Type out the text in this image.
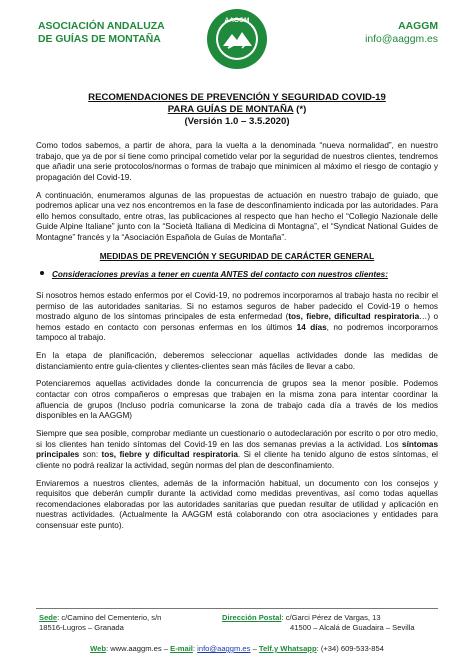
ASOCIACIÓN ANDALUZA
DE GUÍAS DE MONTAÑA
AAGGM
AAGGM
info@aaggm.es
RECOMENDACIONES DE PREVENCIÓN Y SEGURIDAD COVID-19
PARA GUÍAS DE MONTAÑA (*)
(Versión 1.0 – 3.5.2020)

Como todos sabemos, a partir de ahora, para la vuelta a la denominada “nueva normalidad”, en nuestro trabajo, que ya de por sí tiene como principal cometido velar por la seguridad de nuestros clientes, tendremos que añadir una serie protocolos/normas o formas de trabajo que minimicen al máximo el riesgo de contagio y propagación del Covid-19.

A continuación, enumeramos algunas de las propuestas de actuación en nuestro trabajo de guiado, que podremos aplicar una vez nos encontremos en la fase de desconfinamiento indicada por las autoridades. Para ello hemos consultado, entre otras, las publicaciones al respecto que han hecho el “Collegio Nazionale delle Guide Alpine Italiane” junto con la “Società Italiana di Medicina di Montagna”, el “Syndicat National Guides de Montagne” francés y la “Asociación Española de Guías de Montaña”.

MEDIDAS DE PREVENCIÓN Y SEGURIDAD DE CARÁCTER GENERAL

Consideraciones previas a tener en cuenta ANTES del contacto con nuestros clientes:

Si nosotros hemos estado enfermos por el Covid-19, no podremos incorporarnos al trabajo hasta no recibir el permiso de las autoridades sanitarias. Si no estamos seguros de haber padecido el Covid-19 o hemos mostrado alguno de los síntomas principales de esta enfermedad (tos, fiebre, dificultad respiratoria…) o hemos estado en contacto con personas enfermas en los últimos 14 días, no podremos incorporarnos tampoco al trabajo.

En la etapa de planificación, deberemos seleccionar aquellas actividades donde las medidas de distanciamiento entre guía-clientes y clientes-clientes sean más fáciles de llevar a cabo.

Potenciaremos aquellas actividades donde la concurrencia de grupos sea la menor posible. Podemos contactar con otros compañeros o empresas que trabajen en la misma zona para intentar coordinar la afluencia de grupos (Incluso podría comunicarse la zona de trabajo cada día a través de los medios disponibles en la AAGGM)

Siempre que sea posible, comprobar mediante un cuestionario o autodeclaración por escrito o por otro medio, si los clientes han tenido síntomas del Covid-19 en las dos semanas previas a la actividad. Los síntomas principales son: tos, fiebre y dificultad respiratoria. Si el cliente ha tenido alguno de estos síntomas, el cliente no podrá realizar la actividad, según normas del plan de desconfinamiento.

Enviaremos a nuestros clientes, además de la información habitual, un documento con los consejos y requisitos que deberán cumplir durante la actividad como medidas preventivas, así como todas aquellas recomendaciones elaboradas por las autoridades sanitarias que puedan resultar de utilidad y aplicación en nuestras actividades. (Actualmente la AAGGM está colaborando con otra asociaciones y entidades para consensuar este punto).

Sede: c/Camino del Cementerio, s/n
18516-Lugros – Granada
Dirección Postal: c/Garci Pérez de Vargas, 13
41500 – Alcalá de Guadaira – Sevilla
Web: www.aaggm.es – E-mail: info@aaggm.es – Telf.y Whatsapp: (+34) 609-533-854
